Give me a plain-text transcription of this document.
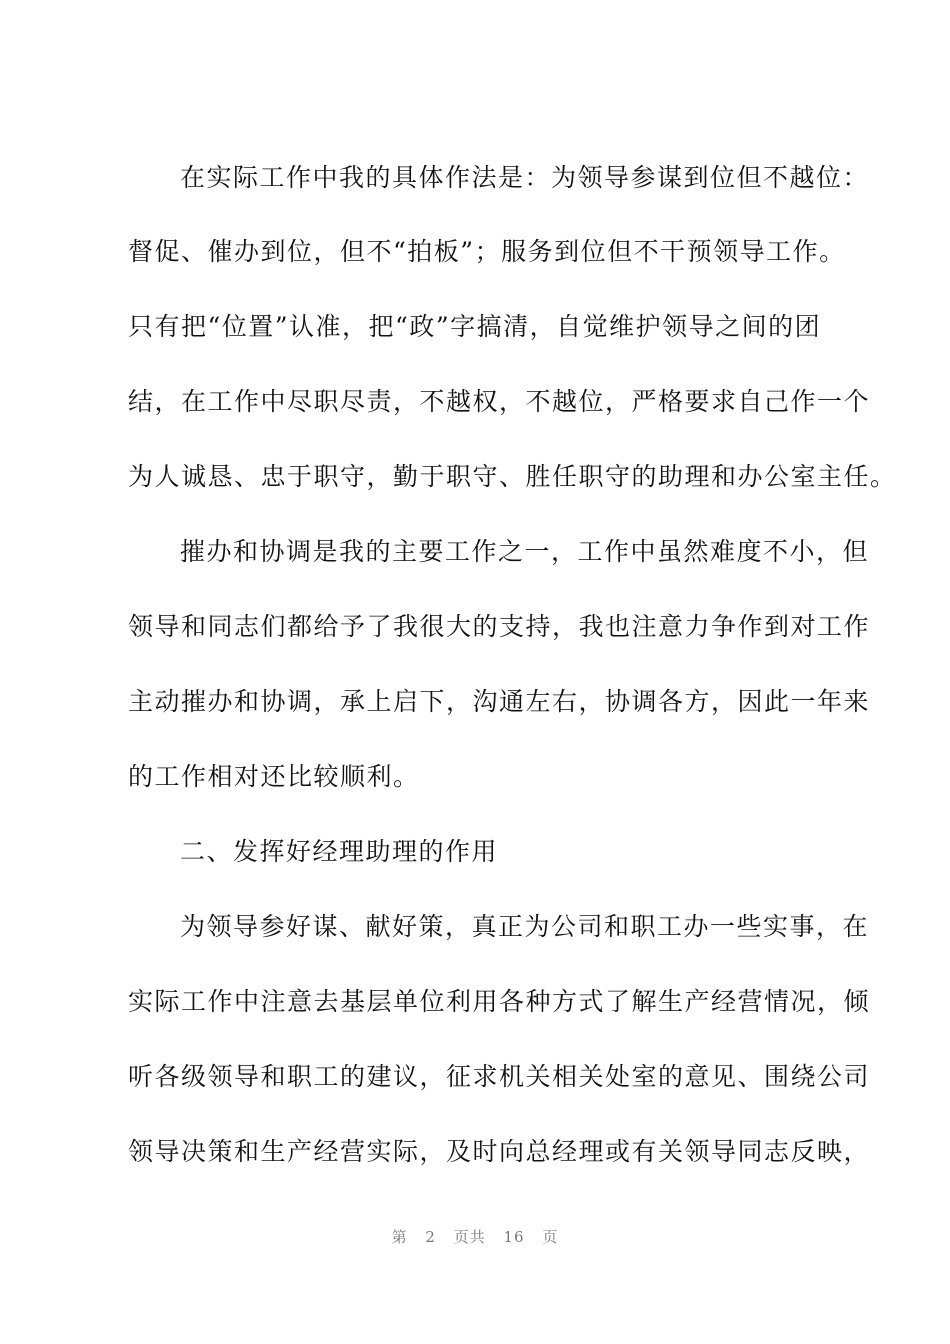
在实际工作中我的具体作法是：为领导参谋到位但不越位：
督促、催办到位，但不“拍板”；服务到位但不干预领导工作。
只有把“位置”认准，把“政”字搞清，自觉维护领导之间的团
结，在工作中尽职尽责，不越权，不越位，严格要求自己作一个
为人诚恳、忠于职守，勤于职守、胜任职守的助理和办公室主任。
摧办和协调是我的主要工作之一，工作中虽然难度不小，但
领导和同志们都给予了我很大的支持，我也注意力争作到对工作
主动摧办和协调，承上启下，沟通左右，协调各方，因此一年来
的工作相对还比较顺利。
二、发挥好经理助理的作用
为领导参好谋、献好策，真正为公司和职工办一些实事，在
实际工作中注意去基层单位利用各种方式了解生产经营情况，倾
听各级领导和职工的建议，征求机关相关处室的意见、围绕公司
领导决策和生产经营实际，及时向总经理或有关领导同志反映，
第 2 页共 16 页
